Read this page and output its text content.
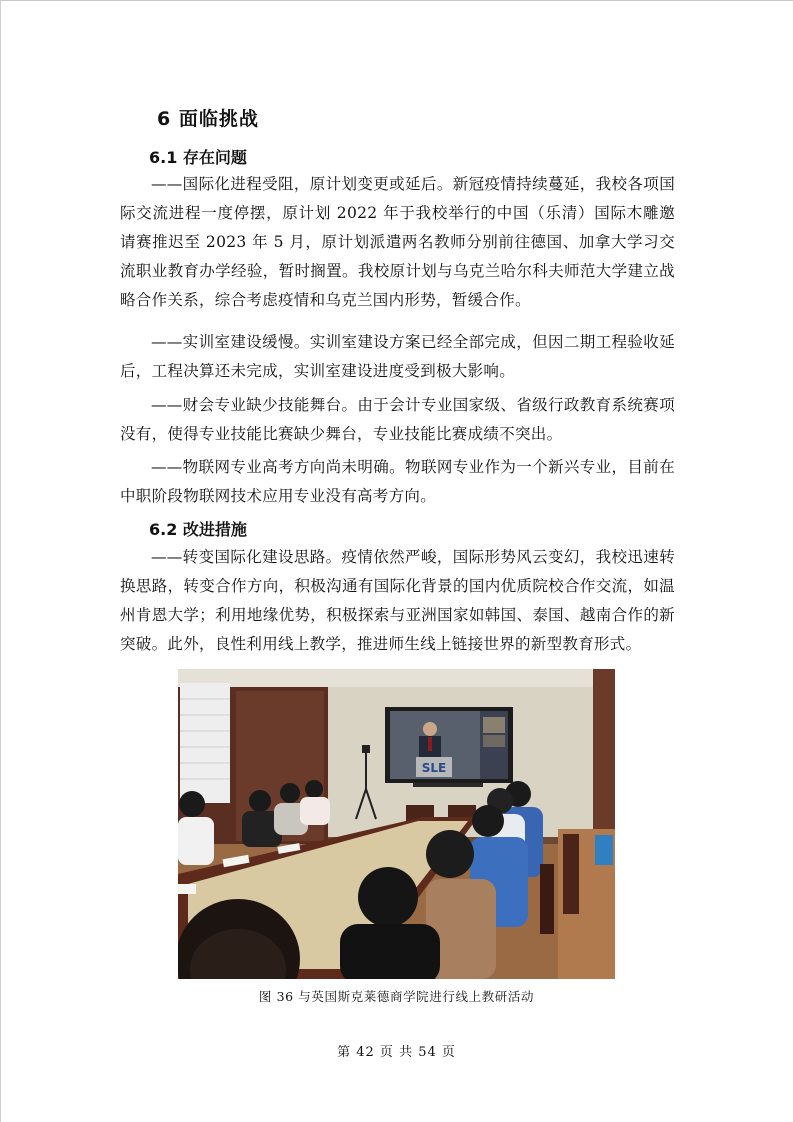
6 面临挑战
6.1 存在问题
——国际化进程受阻，原计划变更或延后。新冠疫情持续蔓延，我校各项国际交流进程一度停摆，原计划 2022 年于我校举行的中国（乐清）国际木雕邀请赛推迟至 2023 年 5 月，原计划派遣两名教师分别前往德国、加拿大学习交流职业教育办学经验，暂时搁置。我校原计划与乌克兰哈尔科夫师范大学建立战略合作关系，综合考虑疫情和乌克兰国内形势，暂缓合作。
——实训室建设缓慢。实训室建设方案已经全部完成，但因二期工程验收延后，工程决算还未完成，实训室建设进度受到极大影响。
——财会专业缺少技能舞台。由于会计专业国家级、省级行政教育系统赛项没有，使得专业技能比赛缺少舞台，专业技能比赛成绩不突出。
——物联网专业高考方向尚未明确。物联网专业作为一个新兴专业，目前在中职阶段物联网技术应用专业没有高考方向。
6.2 改进措施
——转变国际化建设思路。疫情依然严峻，国际形势风云变幻，我校迅速转换思路，转变合作方向，积极沟通有国际化背景的国内优质院校合作交流，如温州肯恩大学；利用地缘优势，积极探索与亚洲国家如韩国、泰国、越南合作的新突破。此外，良性利用线上教学，推进师生线上链接世界的新型教育形式。
SLE
图 36 与英国斯克莱德商学院进行线上教研活动
第 42 页 共 54 页
